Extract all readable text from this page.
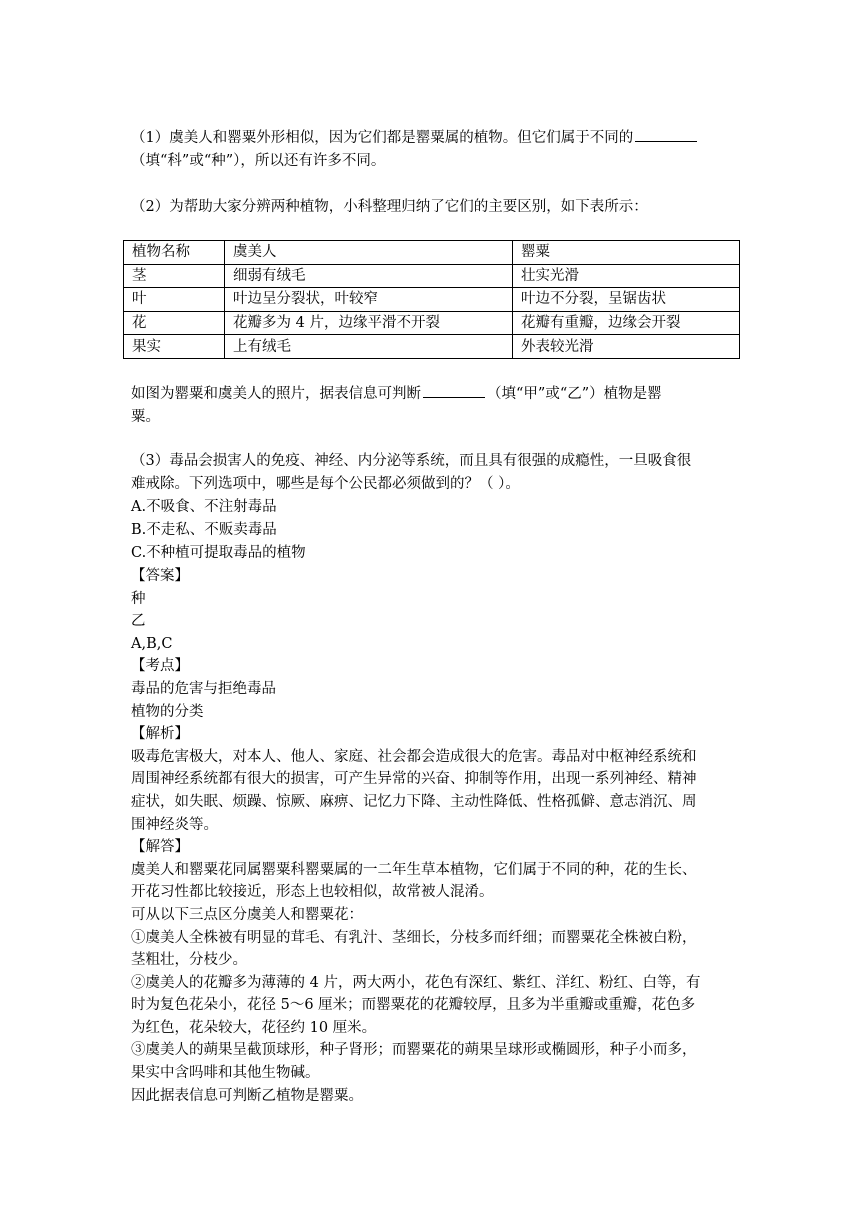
（1）虞美人和罂粟外形相似，因为它们都是罂粟属的植物。但它们属于不同的
（填“科”或“种”），所以还有许多不同。
（2）为帮助大家分辨两种植物，小科整理归纳了它们的主要区别，如下表所示：
植物名称	虞美人	罂粟
茎	细弱有绒毛	壮实光滑
叶	叶边呈分裂状，叶较窄	叶边不分裂，呈锯齿状
花	花瓣多为 4 片，边缘平滑不开裂	花瓣有重瓣，边缘会开裂
果实	上有绒毛	外表较光滑
如图为罂粟和虞美人的照片，据表信息可判断	（填“甲”或“乙”）植物是罂
粟。
（3）毒品会损害人的免疫、神经、内分泌等系统，而且具有很强的成瘾性，一旦吸食很
难戒除。下列选项中，哪些是每个公民都必须做到的？（ ）。
A.不吸食、不注射毒品
B.不走私、不贩卖毒品
C.不种植可提取毒品的植物
【答案】
种
乙
A,B,C
【考点】
毒品的危害与拒绝毒品
植物的分类
【解析】
吸毒危害极大，对本人、他人、家庭、社会都会造成很大的危害。毒品对中枢神经系统和
周围神经系统都有很大的损害，可产生异常的兴奋、抑制等作用，出现一系列神经、精神
症状，如失眠、烦躁、惊厥、麻痹、记忆力下降、主动性降低、性格孤僻、意志消沉、周
围神经炎等。
【解答】
虞美人和罂粟花同属罂粟科罂粟属的一二年生草本植物，它们属于不同的种，花的生长、
开花习性都比较接近，形态上也较相似，故常被人混淆。
可从以下三点区分虞美人和罂粟花：
①虞美人全株被有明显的茸毛、有乳汁、茎细长，分枝多而纤细；而罂粟花全株被白粉，
茎粗壮，分枝少。
②虞美人的花瓣多为薄薄的 4 片，两大两小，花色有深红、紫红、洋红、粉红、白等，有
时为复色花朵小，花径 5～6 厘米；而罂粟花的花瓣较厚，且多为半重瓣或重瓣，花色多
为红色，花朵较大，花径约 10 厘米。
③虞美人的蒴果呈截顶球形，种子肾形；而罂粟花的蒴果呈球形或椭圆形，种子小而多，
果实中含吗啡和其他生物碱。
因此据表信息可判断乙植物是罂粟。
